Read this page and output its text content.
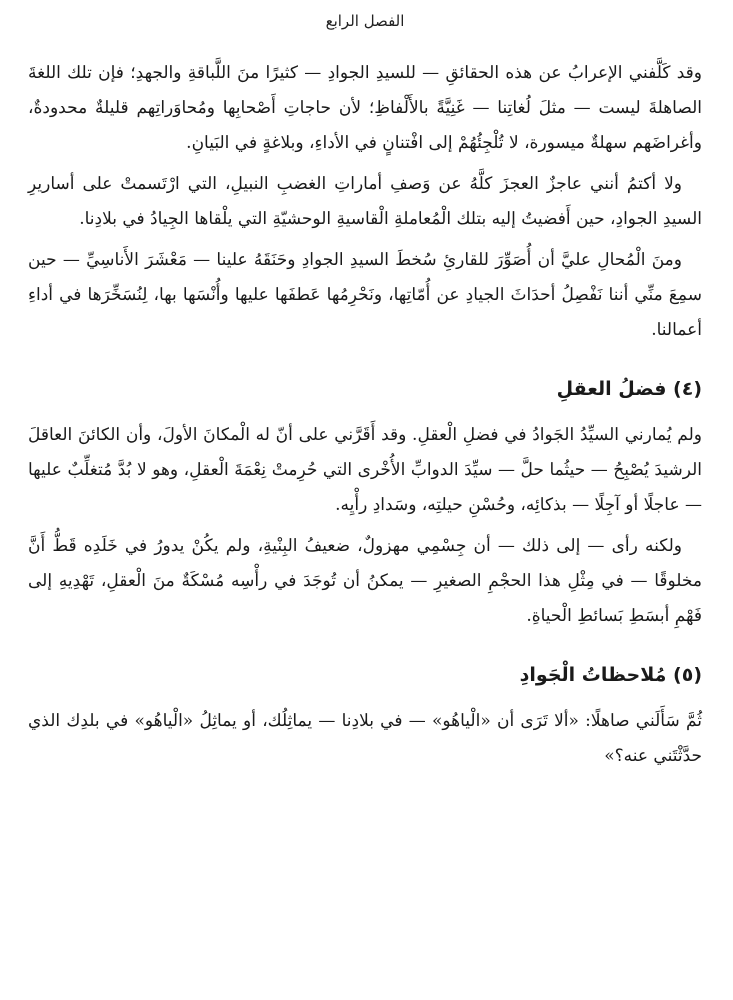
الفصل الرابع

وقد كَلَّفني الإعرابُ عن هذه الحقائقِ — للسيدِ الجوادِ — كثيرًا منَ اللَّباقةِ والجهدِ؛ فإن تلك اللغةَ الصاهلةَ ليست — مثلَ لُغاتِنا — غَنِيَّةً بالأَلْفاظِ؛ لأن حاجاتِ أَصْحابِها ومُحاوَراتِهم قليلةٌ محدودةٌ، وأغراضَهم سهلةٌ ميسورة، لا تُلْجِئُهُمْ إلى افْتنانٍ في الأداءِ، وبلاغةٍ في البَيانِ.

ولا أكتمُ أنني عاجزٌ العجزَ كلَّهُ عن وَصفِ أماراتِ الغضبِ النبيلِ، التي ارْتَسمتْ على أساريرِ السيدِ الجوادِ، حين أَفضيتُ إليه بتلك الْمُعاملةِ الْقاسيةِ الوحشيّةِ التي يلْقاها الجِيادُ في بلادِنا.

ومنَ الْمُحالِ عليَّ أن أُصَوِّرَ للقارئِ سُخطَ السيدِ الجوادِ وحَنَقَهُ علينا — مَعْشَرَ الأَناسِيِّ — حين سمِعَ منِّي أننا نَفْصِلُ أحدَاثَ الجيادِ عن أُمّاتِها، ونَحْرِمُها عَطفَها عليها وأُنْسَها بها، لِنُسَخِّرَها في أداءِ أعمالنا.

(٤) فضلُ العقلِ

ولم يُمارني السيِّدُ الجَوادُ في فضلِ الْعقلِ. وقد أَقَرَّني على أنّ له الْمكانَ الأولَ، وأن الكائنَ العاقلَ الرشيدَ يُصْبِحُ — حيثُما حلَّ — سيِّدَ الدوابِّ الأُخْرى التي حُرِمتْ نِعْمَةَ الْعقلِ، وهو لا بُدَّ مُتغلِّبٌ عليها — عاجلًا أو آجِلًا — بذكائِه، وحُسْنِ حيلتِه، وسَدادِ رأْيِه.

ولكنه رأى — إلى ذلك — أن جِسْمِي مهزولٌ، ضعيفُ البِنْيةِ، ولم يكُنْ يدورُ في خَلَدِه قَطُّ أَنَّ مخلوقًا — في مِثْلِ هذا الحجْمِ الصغيرِ — يمكنُ أن تُوجَدَ في رأْسِه مُسْكَةٌ منَ الْعقلِ، تَهْدِيهِ إلى فَهْمِ أبسَطِ بَسائطِ الْحياةِ.

(٥) مُلاحظاتُ الْجَوادِ

ثُمَّ سَأَلَني صاهلًا: «ألا تَرَى أن «الْياهُو» — في بلادِنا — يماثِلُك، أو يماثِلُ «الْياهُو» في بلدِك الذي حدَّثْتَني عنه؟»
